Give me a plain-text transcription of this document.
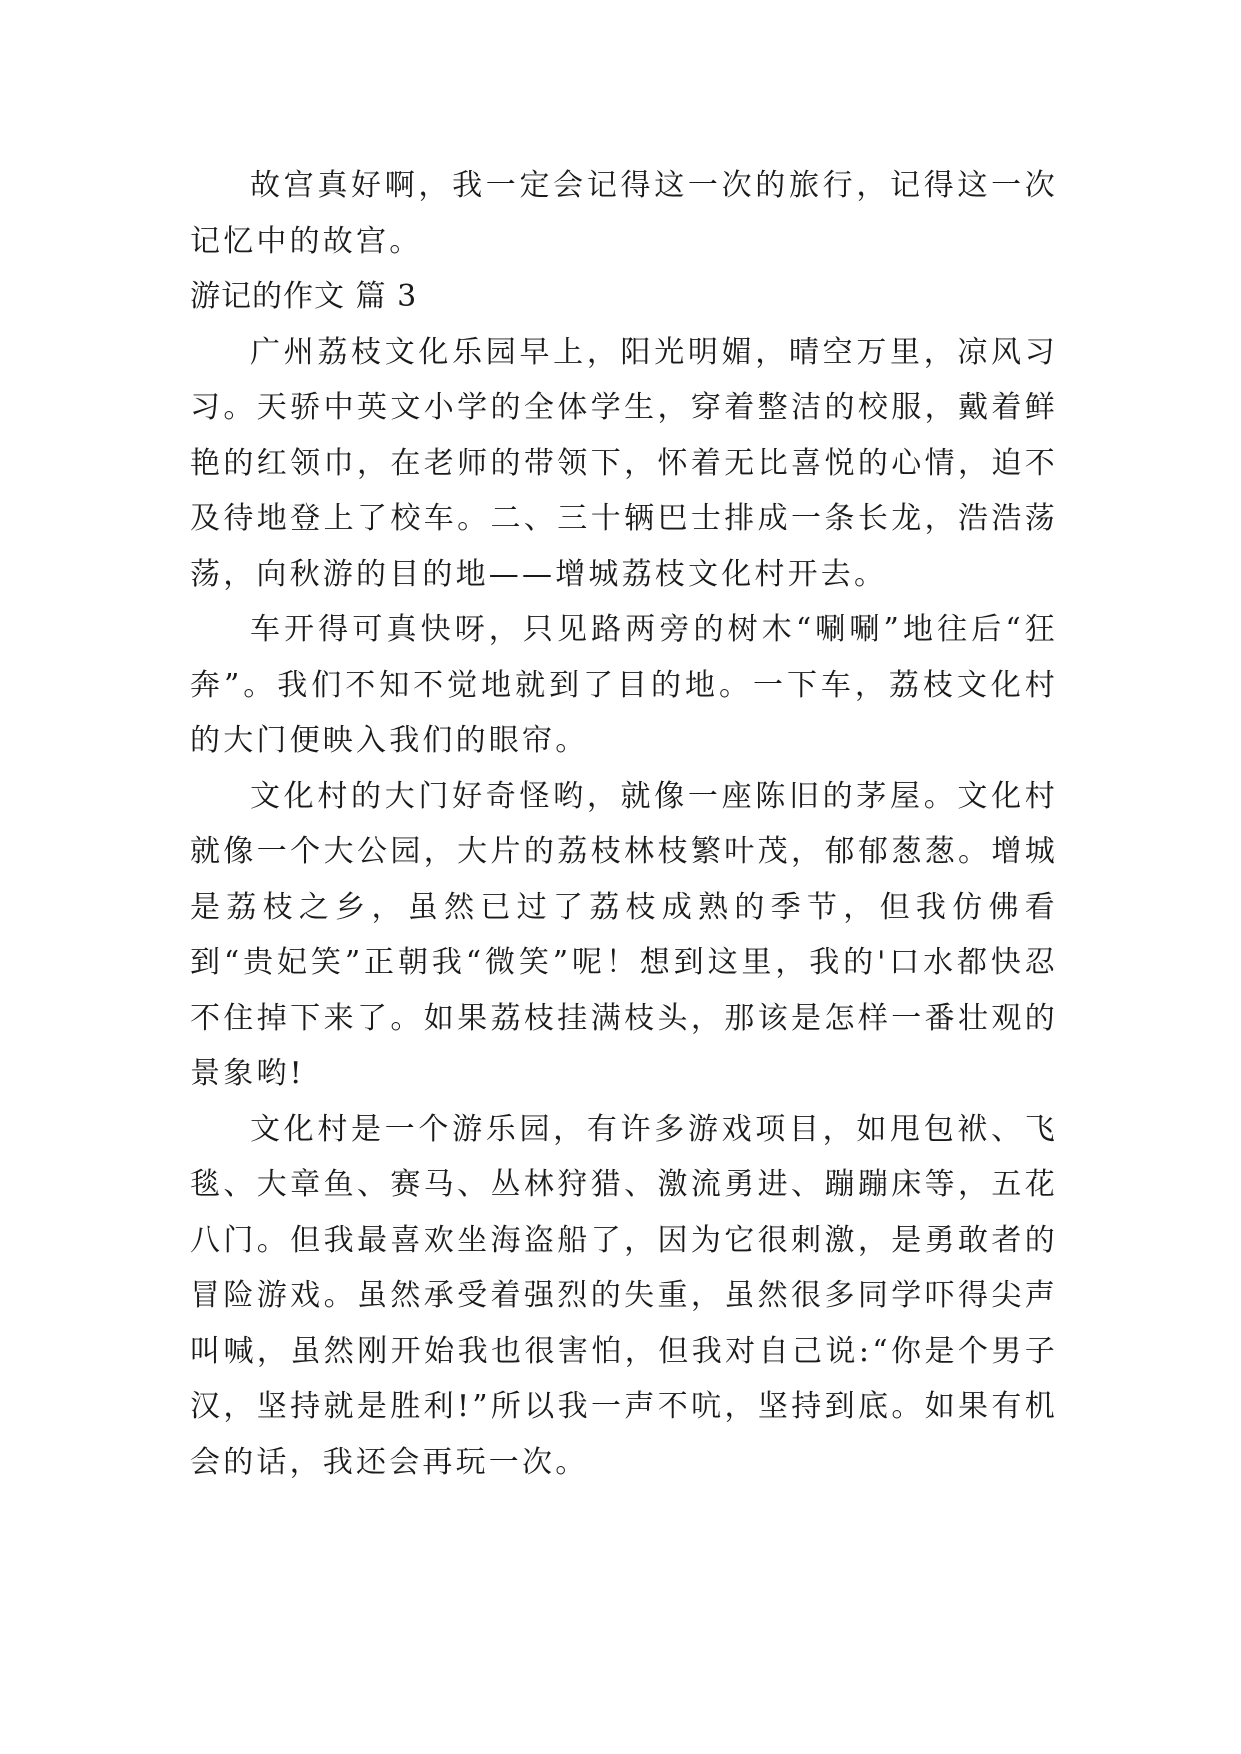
故宫真好啊，我一定会记得这一次的旅行，记得这一次记忆中的故宫。

游记的作文 篇 3

广州荔枝文化乐园早上，阳光明媚，晴空万里，凉风习习。天骄中英文小学的全体学生，穿着整洁的校服，戴着鲜艳的红领巾，在老师的带领下，怀着无比喜悦的心情，迫不及待地登上了校车。二、三十辆巴士排成一条长龙，浩浩荡荡，向秋游的目的地——增城荔枝文化村开去。

车开得可真快呀，只见路两旁的树木“唰唰”地往后“狂奔”。我们不知不觉地就到了目的地。一下车，荔枝文化村的大门便映入我们的眼帘。

文化村的大门好奇怪哟，就像一座陈旧的茅屋。文化村就像一个大公园，大片的荔枝林枝繁叶茂，郁郁葱葱。增城是荔枝之乡，虽然已过了荔枝成熟的季节，但我仿佛看到“贵妃笑”正朝我“微笑”呢！想到这里，我的'口水都快忍不住掉下来了。如果荔枝挂满枝头，那该是怎样一番壮观的景象哟!

文化村是一个游乐园，有许多游戏项目，如甩包袱、飞毯、大章鱼、赛马、丛林狩猎、激流勇进、蹦蹦床等，五花八门。但我最喜欢坐海盗船了，因为它很刺激，是勇敢者的冒险游戏。虽然承受着强烈的失重，虽然很多同学吓得尖声叫喊，虽然刚开始我也很害怕，但我对自己说:“你是个男子汉，坚持就是胜利!”所以我一声不吭，坚持到底。如果有机会的话，我还会再玩一次。
